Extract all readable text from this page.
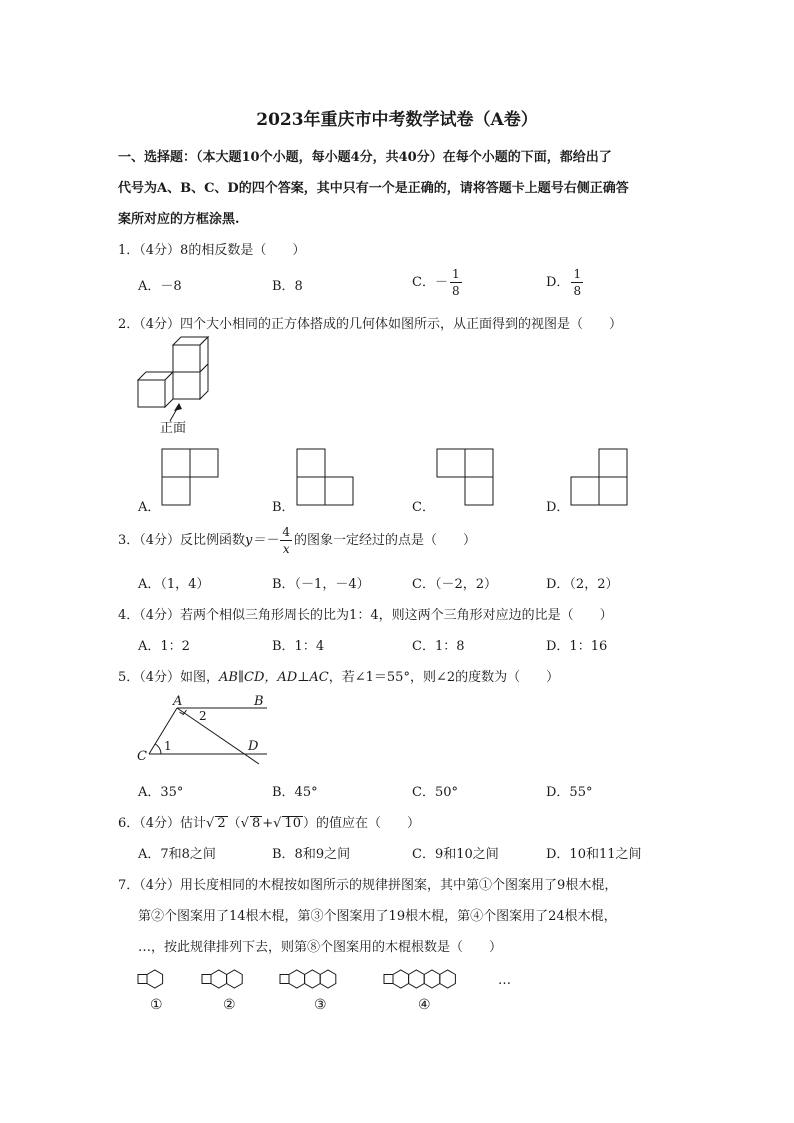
2023年重庆市中考数学试卷（A卷）
一、选择题：（本大题10个小题，每小题4分，共40分）在每个小题的下面，都给出了
代号为A、B、C、D的四个答案，其中只有一个是正确的，请将答题卡上题号右侧正确答
案所对应的方框涂黑.
1．（4分）8的相反数是（　　）
A．－8	B．8	C．－ $\frac{1}{8}$	D． $\frac{1}{8}$
2．（4分）四个大小相同的正方体搭成的几何体如图所示，从正面得到的视图是（　　）
正面
A．	B．	C．	D．
3．（4分）反比例函数$y=- \frac{4}{x}$ 的图象一定经过的点是（　　）
A．（1，4）	B．（－1，－4）	C．（－2，2）	D．（2，2）
4．（4分）若两个相似三角形周长的比为1：4，则这两个三角形对应边的比是（　　）
A．1：2	B．1：4	C．1：8	D．1：16
5．（4分）如图，AB∥CD，AD⊥AC，若∠1＝55°，则∠2的度数为（　　）
A	B
C
D
1
2
A．35°	B．45°	C．50°	D．55°
6．（4分）估计√ 2 （√ 8 +√ 10 ）的值应在（　　）
A．7和8之间	B．8和9之间	C．9和10之间	D．10和11之间
7．（4分）用长度相同的木棍按如图所示的规律拼图案，其中第①个图案用了9根木棍，
第②个图案用了14根木棍，第③个图案用了19根木棍，第④个图案用了24根木棍，
…，按此规律排列下去，则第⑧个图案用的木棍根数是（　　）
①	②	③	④
…
